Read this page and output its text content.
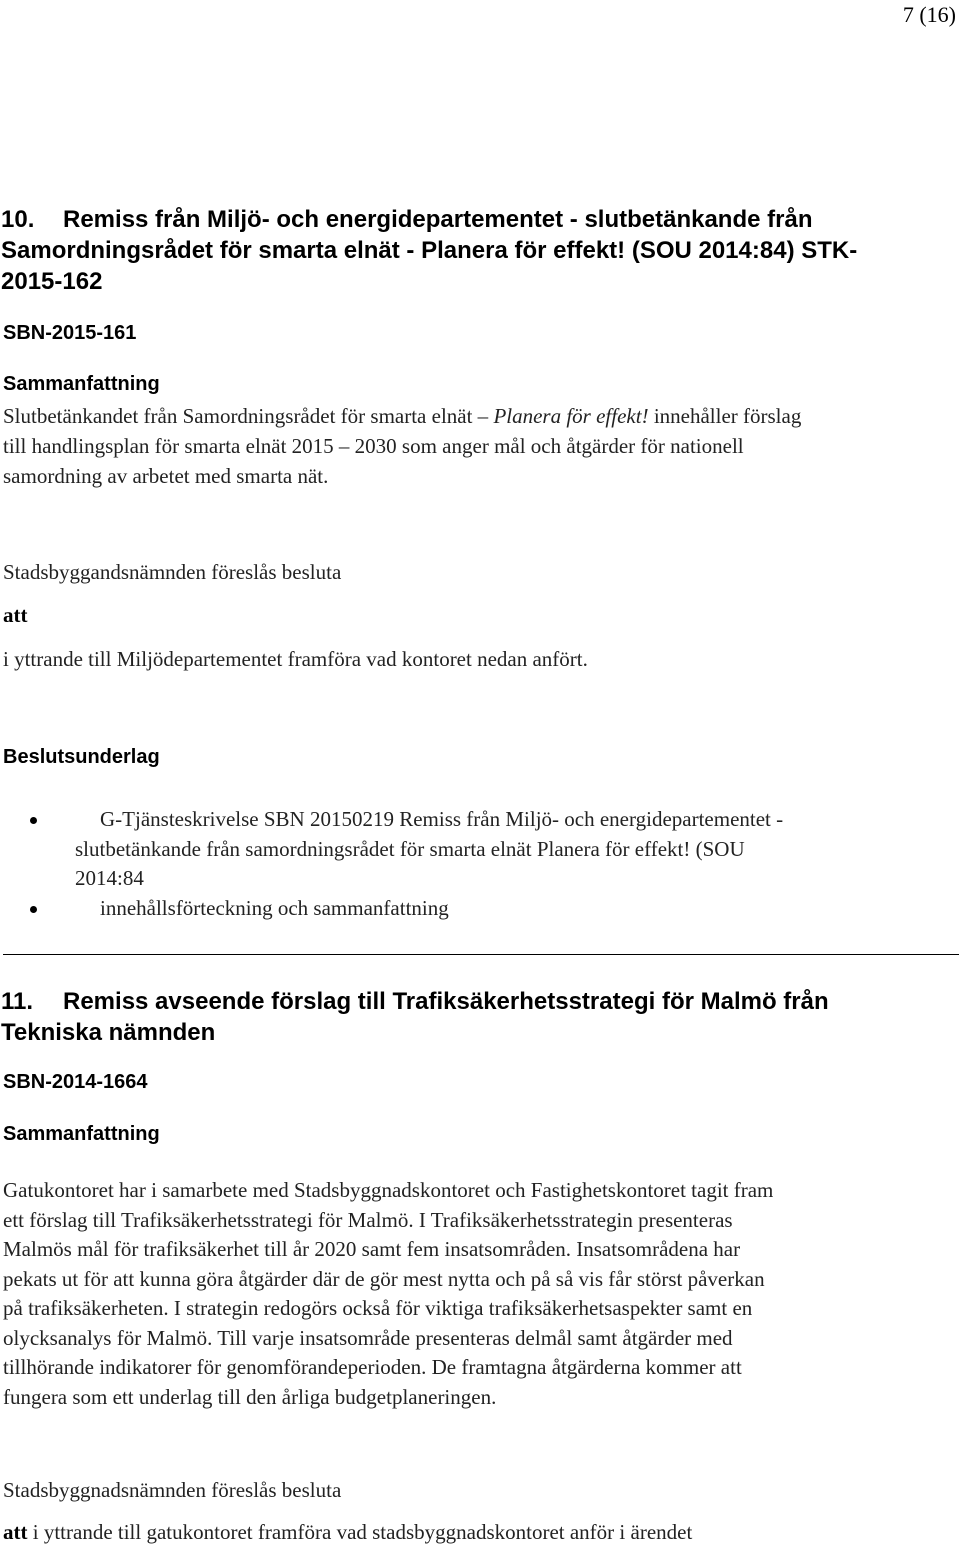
7 (16)
10.	Remiss från Miljö- och energidepartementet - slutbetänkande från
Samordningsrådet för smarta elnät - Planera för effekt! (SOU 2014:84) STK-
2015-162
SBN-2015-161
Sammanfattning
Slutbetänkandet från Samordningsrådet för smarta elnät – Planera för effekt! innehåller förslag
till handlingsplan för smarta elnät 2015 – 2030 som anger mål och åtgärder för nationell
samordning av arbetet med smarta nät.
Stadsbyggandsnämnden föreslås besluta
att
i yttrande till Miljödepartementet framföra vad kontoret nedan anfört.
Beslutsunderlag
G-Tjänsteskrivelse SBN 20150219 Remiss från Miljö- och energidepartementet -
slutbetänkande från samordningsrådet för smarta elnät Planera för effekt! (SOU
2014:84
innehållsförteckning och sammanfattning
11.	Remiss avseende förslag till Trafiksäkerhetsstrategi för Malmö från
Tekniska nämnden
SBN-2014-1664
Sammanfattning
Gatukontoret har i samarbete med Stadsbyggnadskontoret och Fastighetskontoret tagit fram
ett förslag till Trafiksäkerhetsstrategi för Malmö. I Trafiksäkerhetsstrategin presenteras
Malmös mål för trafiksäkerhet till år 2020 samt fem insatsområden. Insatsområdena har
pekats ut för att kunna göra åtgärder där de gör mest nytta och på så vis får störst påverkan
på trafiksäkerheten. I strategin redogörs också för viktiga trafiksäkerhetsaspekter samt en
olycksanalys för Malmö. Till varje insatsområde presenteras delmål samt åtgärder med
tillhörande indikatorer för genomförandeperioden. De framtagna åtgärderna kommer att
fungera som ett underlag till den årliga budgetplaneringen.
Stadsbyggnadsnämnden föreslås besluta
att i yttrande till gatukontoret framföra vad stadsbyggnadskontoret anför i ärendet
